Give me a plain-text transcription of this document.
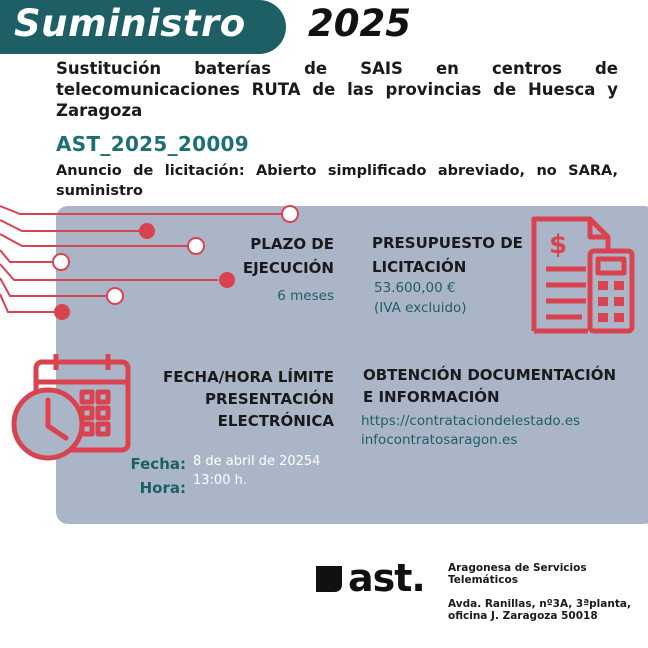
Suministro 2025
Sustitución baterías de SAIS en centros de telecomunicaciones RUTA de las provincias de Huesca y Zaragoza
AST_2025_20009
Anuncio de licitación: Abierto simplificado abreviado, no SARA, suministro
PLAZO DE
EJECUCIÓN
6 meses
PRESUPUESTO DE
LICITACIÓN
53.600,00 €
(IVA excluido)
$
FECHA/HORA LÍMITE
PRESENTACIÓN
ELECTRÓNICA
Fecha:
Hora:
8 de abril de 20254
13:00 h.
OBTENCIÓN DOCUMENTACIÓN
E INFORMACIÓN
https://contrataciondelestado.es
infocontratosaragon.es
ast. Aragonesa de Servicios
Telemáticos
Avda. Ranillas, nº3A, 3ªplanta,
oficina J. Zaragoza 50018
